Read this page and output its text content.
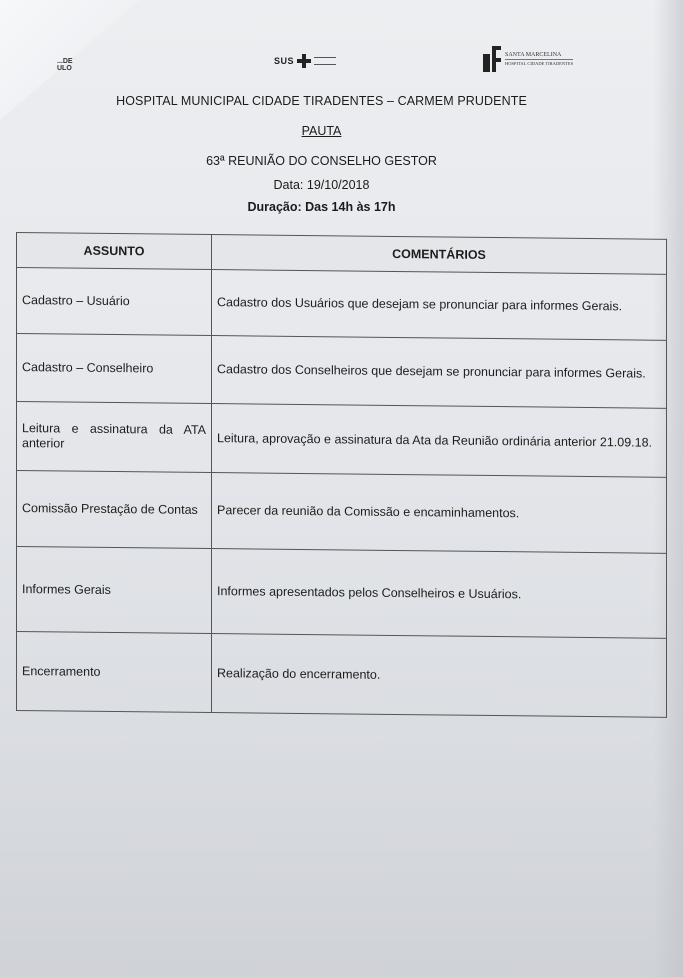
...DE
ULO
SUS
SANTA MARCELINA
HOSPITAL CIDADE TIRADENTES
HOSPITAL MUNICIPAL CIDADE TIRADENTES – CARMEM PRUDENTE
PAUTA
63ª REUNIÃO DO CONSELHO GESTOR
Data: 19/10/2018
Duração: Das 14h às 17h
ASSUNTO	COMENTÁRIOS
Cadastro – Usuário	Cadastro dos Usuários que desejam se pronunciar para informes Gerais.
Cadastro – Conselheiro	Cadastro dos Conselheiros que desejam se pronunciar para informes Gerais.
Leitura e assinatura da ATA anterior	Leitura, aprovação e assinatura da Ata da Reunião ordinária anterior 21.09.18.
Comissão Prestação de Contas	Parecer da reunião da Comissão e encaminhamentos.
Informes Gerais	Informes apresentados pelos Conselheiros e Usuários.
Encerramento	Realização do encerramento.
